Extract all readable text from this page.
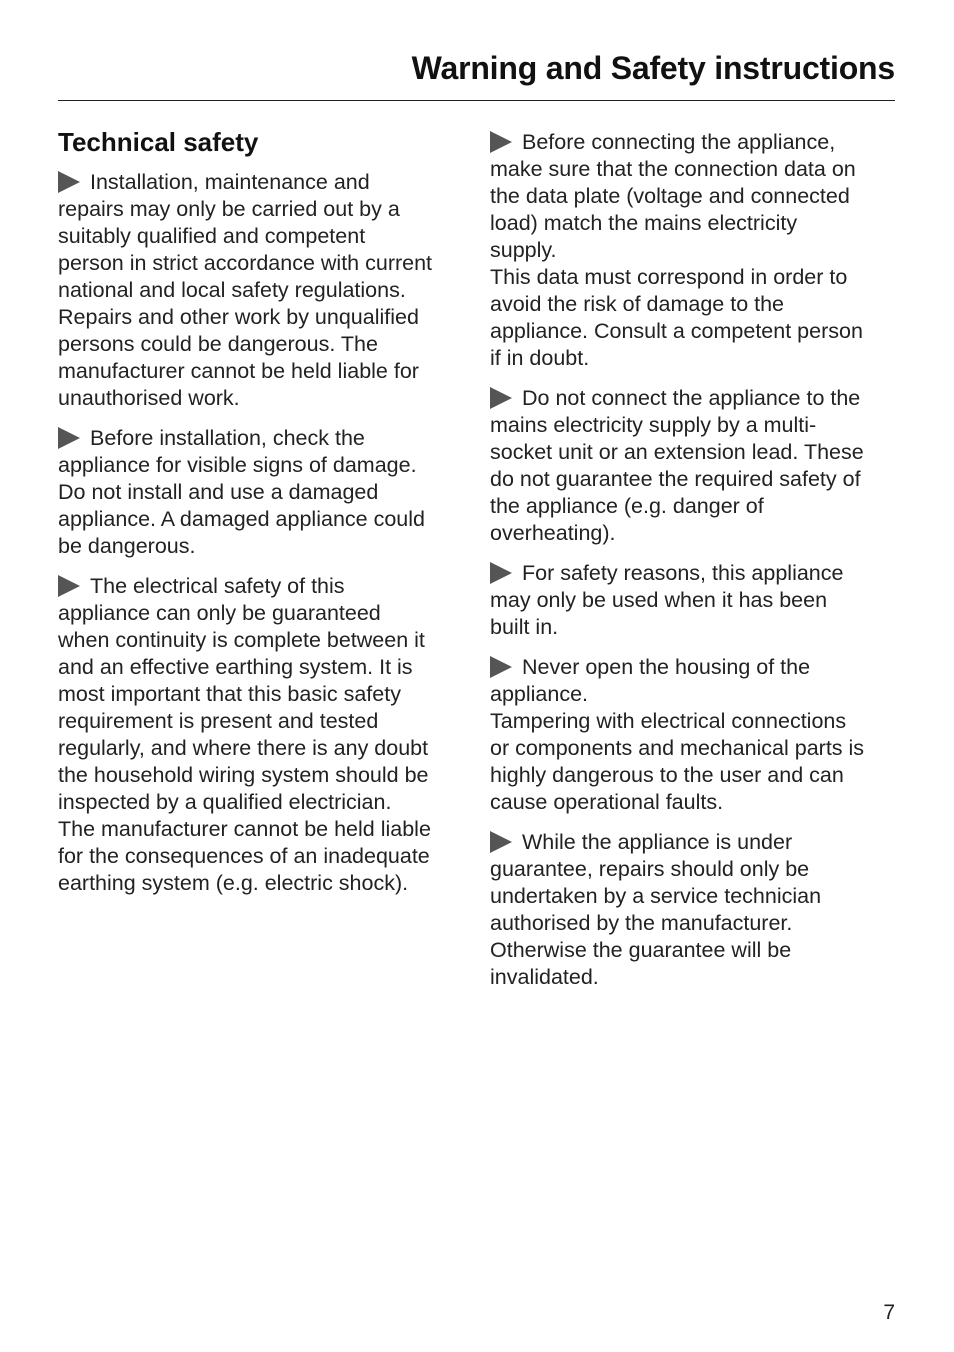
Warning and Safety instructions
Technical safety
Installation, maintenance and
repairs may only be carried out by a
suitably qualified and competent
person in strict accordance with current
national and local safety regulations.
Repairs and other work by unqualified
persons could be dangerous. The
manufacturer cannot be held liable for
unauthorised work.
Before installation, check the
appliance for visible signs of damage.
Do not install and use a damaged
appliance. A damaged appliance could
be dangerous.
The electrical safety of this
appliance can only be guaranteed
when continuity is complete between it
and an effective earthing system. It is
most important that this basic safety
requirement is present and tested
regularly, and where there is any doubt
the household wiring system should be
inspected by a qualified electrician.
The manufacturer cannot be held liable
for the consequences of an inadequate
earthing system (e.g. electric shock).
Before connecting the appliance,
make sure that the connection data on
the data plate (voltage and connected
load) match the mains electricity
supply.
This data must correspond in order to
avoid the risk of damage to the
appliance. Consult a competent person
if in doubt.
Do not connect the appliance to the
mains electricity supply by a multi-
socket unit or an extension lead. These
do not guarantee the required safety of
the appliance (e.g. danger of
overheating).
For safety reasons, this appliance
may only be used when it has been
built in.
Never open the housing of the
appliance.
Tampering with electrical connections
or components and mechanical parts is
highly dangerous to the user and can
cause operational faults.
While the appliance is under
guarantee, repairs should only be
undertaken by a service technician
authorised by the manufacturer.
Otherwise the guarantee will be
invalidated.
7
